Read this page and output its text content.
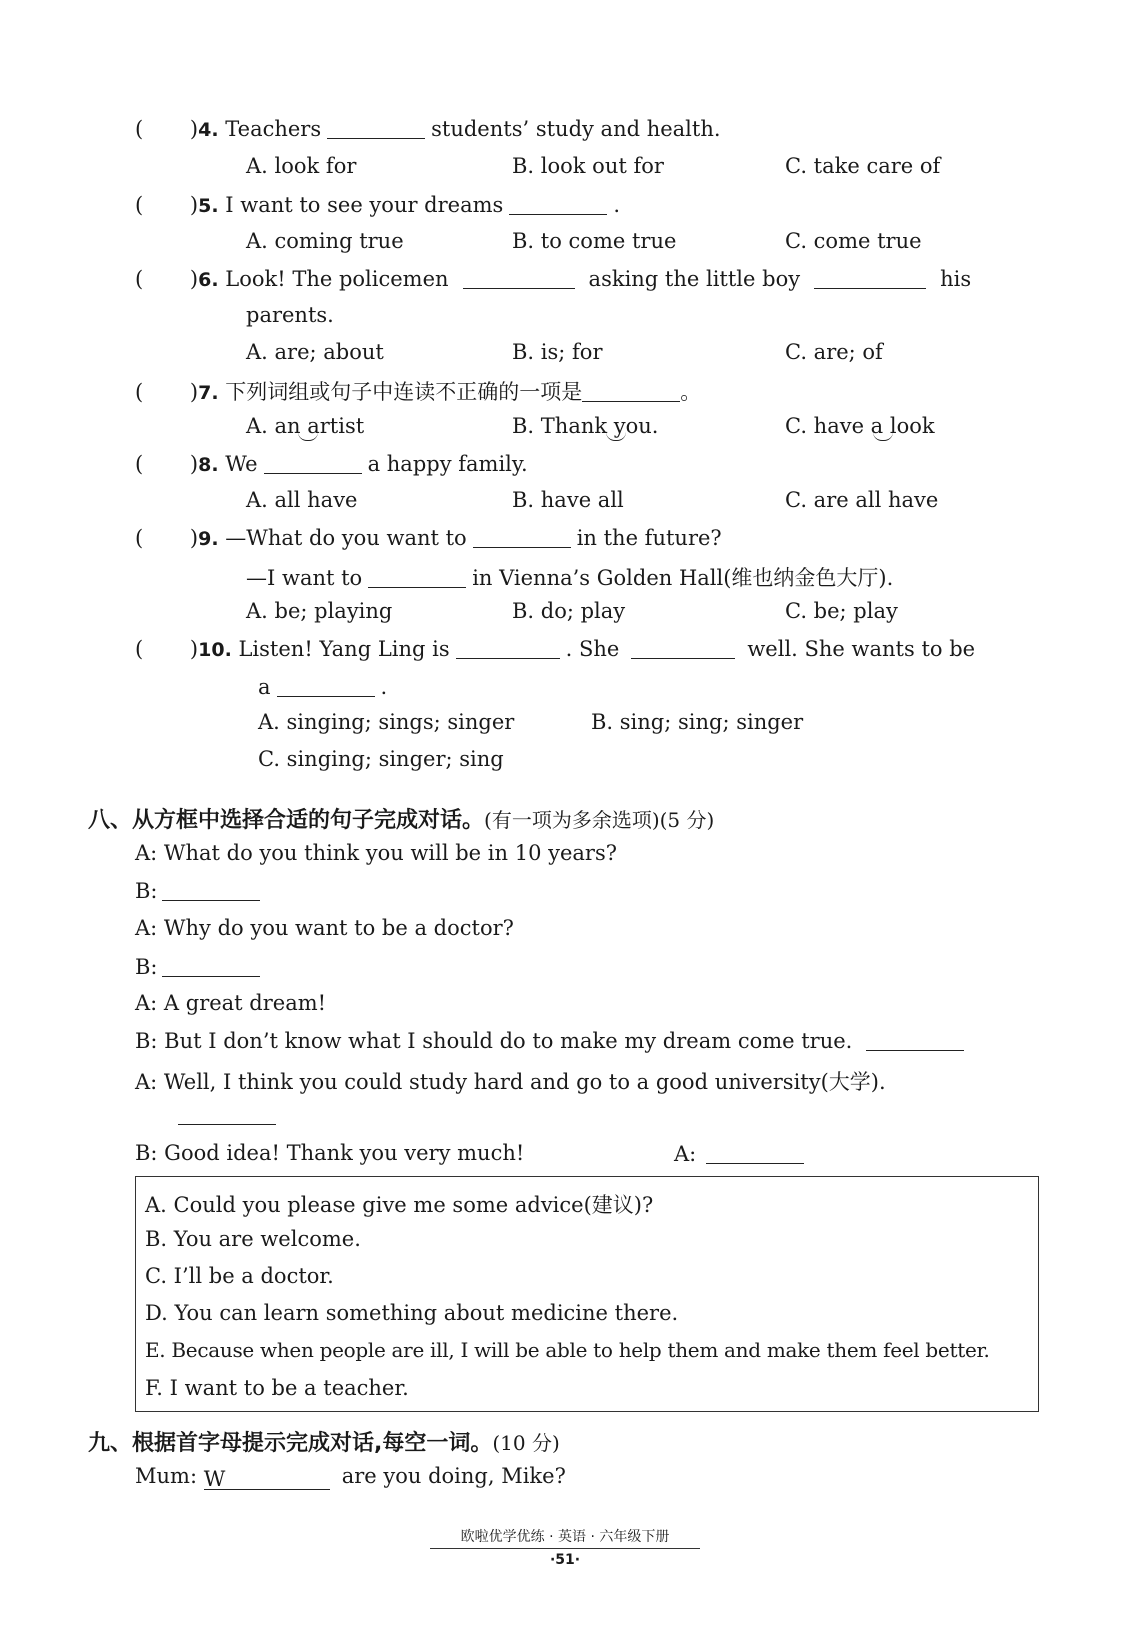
(       )4. Teachers	students’ study and health.
A. look for	B. look out for	C. take care of
(       )5. I want to see your dreams	.
A. coming true	B. to come true	C. come true
(       )6. Look! The policemen	asking the little boy	his
parents.
A. are; about	B. is; for	C. are; of
(       )7. 下列词组或句子中连读不正确的一项是	。
A. an artist	B. Thank you.	C. have a look
(       )8. We	a happy family.
A. all have	B. have all	C. are all have
(       )9. —What do you want to	in the future?
—I want to	in Vienna’s Golden Hall(维也纳金色大厅).
A. be; playing	B. do; play	C. be; play
(       )10. Listen! Yang Ling is	. She	well. She wants to be
a	.
A. singing; sings; singer	B. sing; sing; singer
C. singing; singer; sing
八、从方框中选择合适的句子完成对话。(有一项为多余选项)(5 分)
A: What do you think you will be in 10 years?
B:
A: Why do you want to be a doctor?
B:
A: A great dream!
B: But I don’t know what I should do to make my dream come true.
A: Well, I think you could study hard and go to a good university(大学).
B: Good idea! Thank you very much!	A:
A. Could you please give me some advice(建议)?
B. You are welcome.
C. I’ll be a doctor.
D. You can learn something about medicine there.
E. Because when people are ill, I will be able to help them and make them feel better.
F. I want to be a teacher.
九、根据首字母提示完成对话,每空一词。(10 分)
Mum: W	are you doing, Mike?
欧啦优学优练 · 英语 · 六年级下册
·51·
